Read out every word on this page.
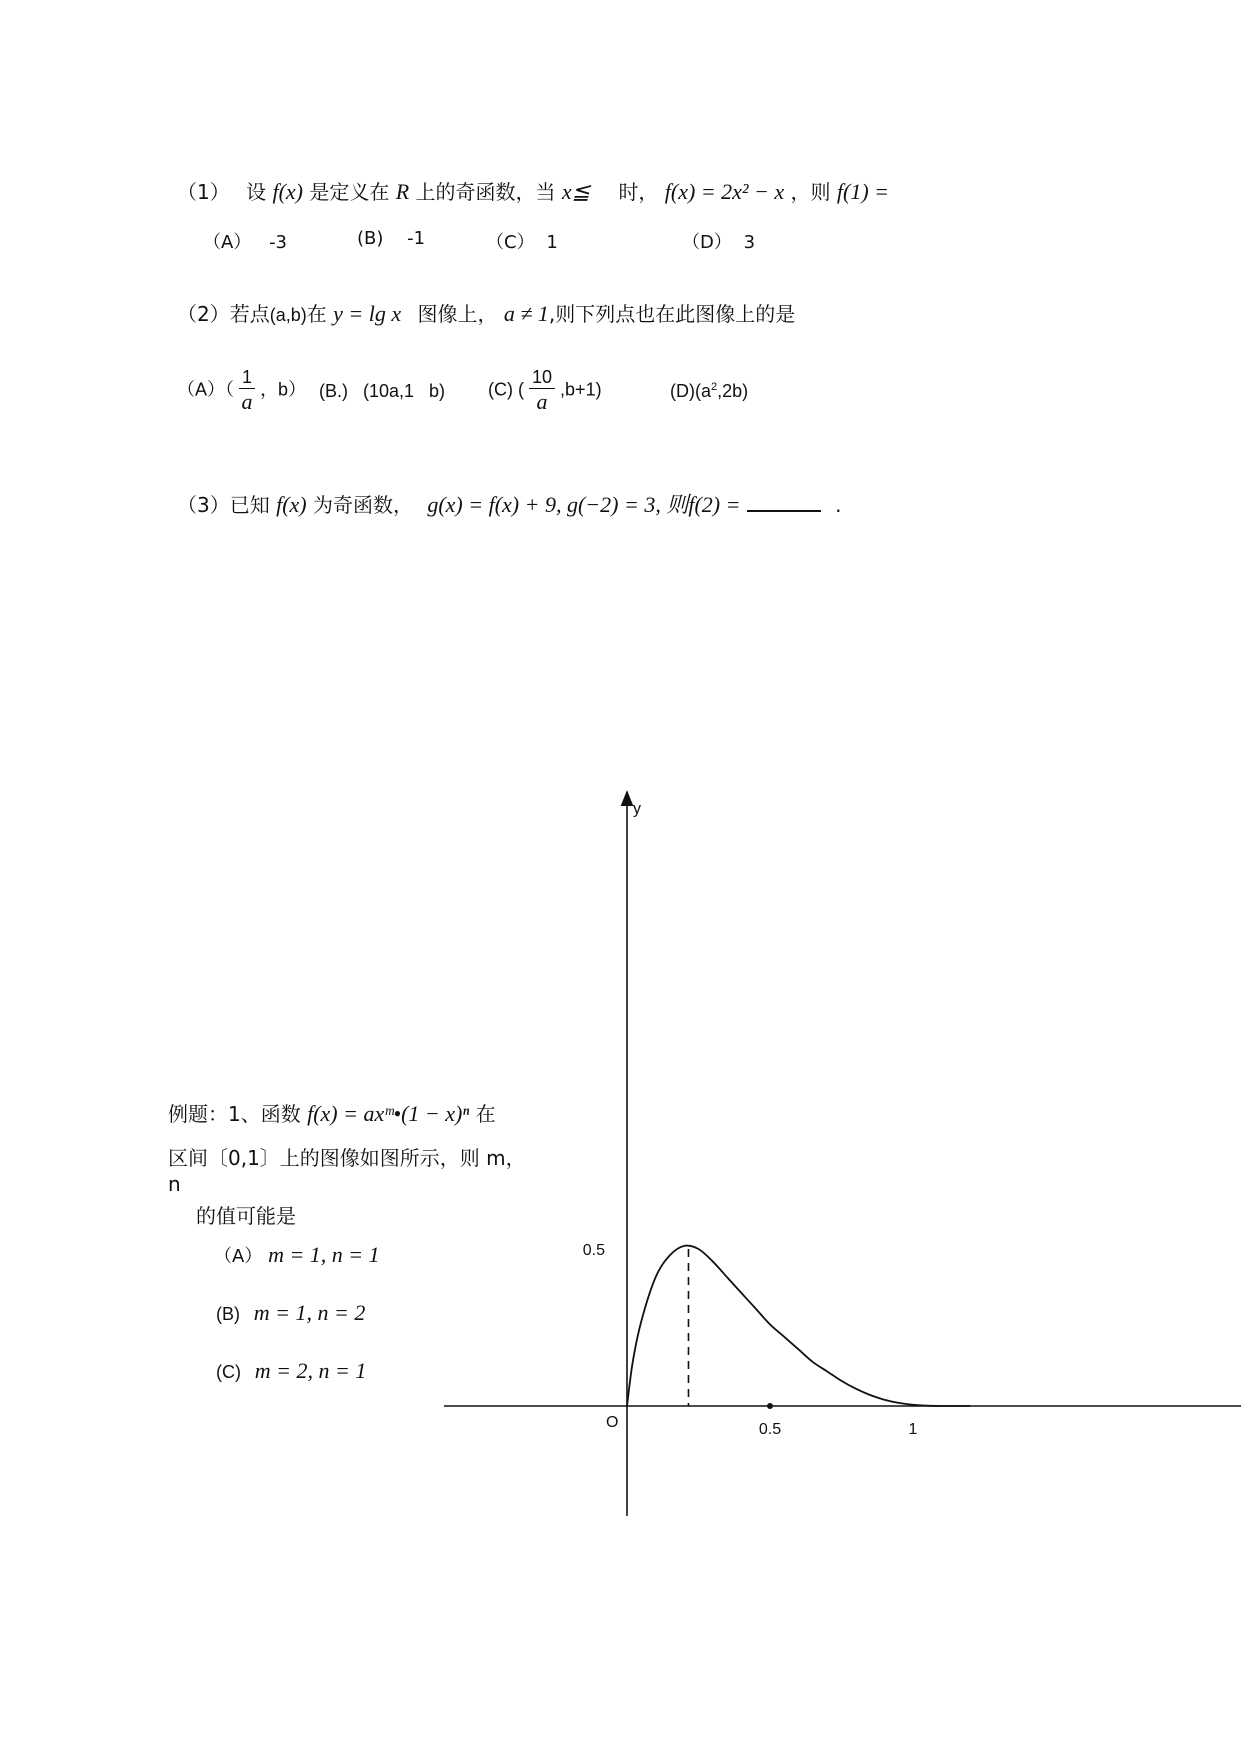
（1） 设 f(x) 是定义在 R 上的奇函数，当 x≦ 时， f(x) = 2x² − x ，则 f(1) =
（A） -3	(B) -1	（C） 1	（D） 3
（2）若点(a,b)在 y = lg x 图像上， a ≠ 1,则下列点也在此图像上的是
$(A)( \frac{1}{a}$ ，b） (B.)   (10a,1   b) (C) ( $\frac{10}{a} ,b+1$)	$(D)(a^2,2b)$
（3）已知 f(x) 为奇函数， g(x) = f(x) + 9, g(−2) = 3, 则f(2) =	.
例题：1、函数 f(x) = axᵐ•(1 − x)ⁿ 在
区间〔0,1〕上的图像如图所示，则 m，
n
的值可能是
（A） m = 1, n = 1
(B) m = 1, n = 2
(C) m = 2, n = 1
y
O	0.5	1
0.5
